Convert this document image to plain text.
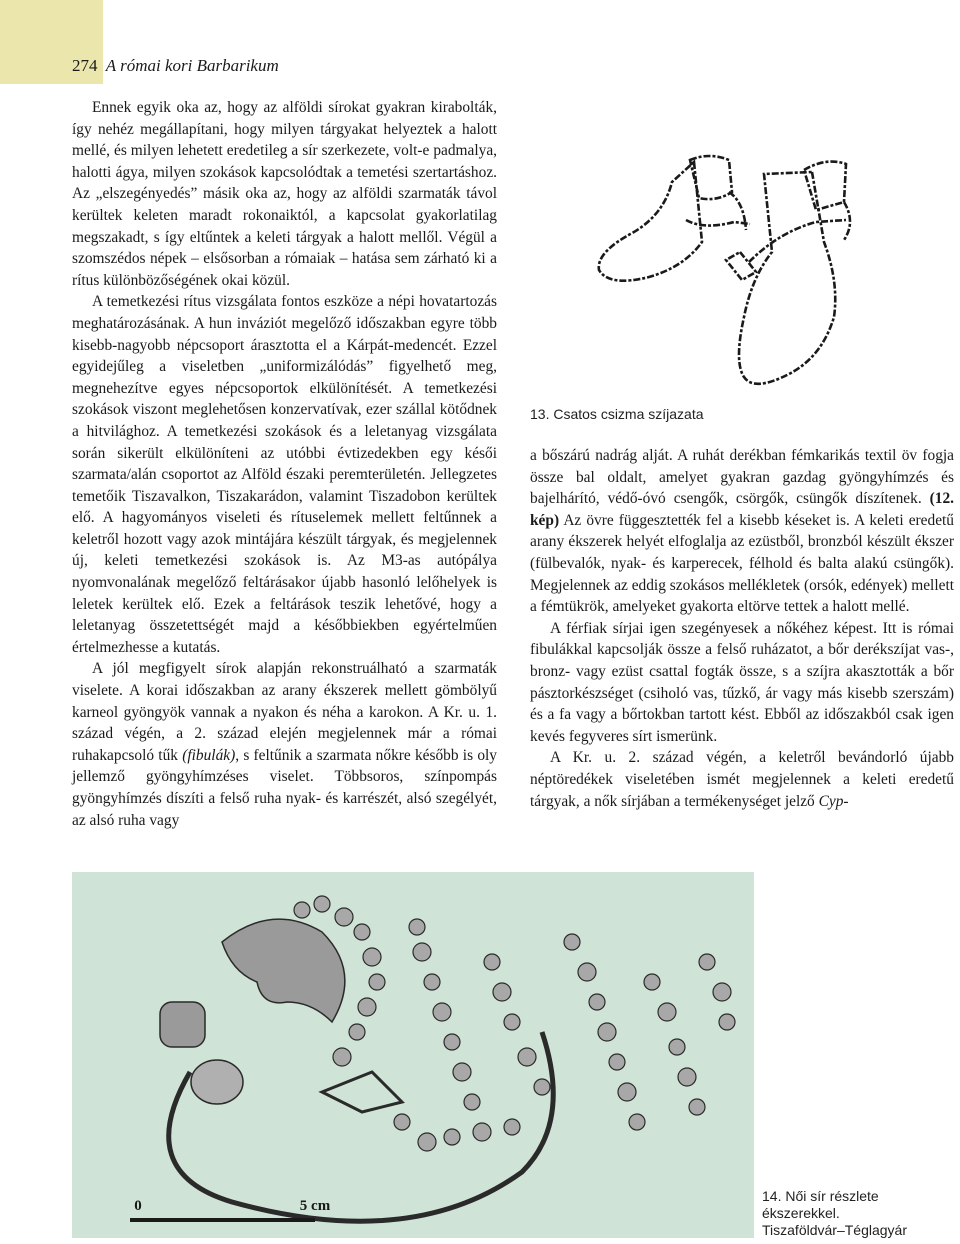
274 A római kori Barbarikum

Ennek egyik oka az, hogy az alföldi sírokat gyakran kirabolták, így nehéz megállapítani, hogy milyen tárgyakat helyeztek a halott mellé, és milyen lehetett eredetileg a sír szerkezete, volt-e padmalya, halotti ágya, milyen szokások kapcsolódtak a temetési szertartáshoz. Az „elszegényedés” másik oka az, hogy az alföldi szarmaták távol kerültek keleten maradt rokonaiktól, a kapcsolat gyakorlatilag megszakadt, s így eltűntek a keleti tárgyak a halott mellől. Végül a szomszédos népek – elsősorban a rómaiak – hatása sem zárható ki a rítus különbözőségének okai közül.

A temetkezési rítus vizsgálata fontos eszköze a népi hovatartozás meghatározásának. A hun inváziót megelőző időszakban egyre több kisebb-nagyobb népcsoport árasztotta el a Kárpát-medencét. Ezzel egyidejűleg a viseletben „uniformizálódás” figyelhető meg, megnehezítve egyes népcsoportok elkülönítését. A temetkezési szokások viszont meglehetősen konzervatívak, ezer szállal kötődnek a hitvilághoz. A temetkezési szokások és a leletanyag vizsgálata során sikerült elkülöníteni az utóbbi évtizedekben egy késői szarmata/alán csoportot az Alföld északi peremterületén. Jellegzetes temetőik Tiszavalkon, Tiszakarádon, valamint Tiszadobon kerültek elő. A hagyományos viseleti és rítuselemek mellett feltűnnek a keletről hozott vagy azok mintájára készült tárgyak, és megjelennek új, keleti temetkezési szokások is. Az M3-as autópálya nyomvonalának megelőző feltárásakor újabb hasonló lelőhelyek is leletek kerültek elő. Ezek a feltárások teszik lehetővé, hogy a leletanyag összetettségét majd a későbbiekben egyértelműen értelmezhesse a kutatás.

A jól megfigyelt sírok alapján rekonstruálható a szarmaták viselete. A korai időszakban az arany ékszerek mellett gömbölyű karneol gyöngyök vannak a nyakon és néha a karokon. A Kr. u. 1. század végén, a 2. század elején megjelennek már a római ruhakapcsoló tűk (fibulák), s feltűnik a szarmata nőkre később is oly jellemző gyöngyhímzéses viselet. Többsoros, színpompás gyöngyhímzés díszíti a felső ruha nyak- és karrészét, alsó szegélyét, az alsó ruha vagy

13. Csatos csizma szíjazata

a bőszárú nadrág alját. A ruhát derékban fémkarikás textil öv fogja össze bal oldalt, amelyet gyakran gazdag gyöngyhímzés és bajelhárító, védő-óvó csengők, csörgők, csüngők díszítenek. (12. kép) Az övre függesztették fel a kisebb késeket is. A keleti eredetű arany ékszerek helyét elfoglalja az ezüstből, bronzból készült ékszer (fülbevalók, nyak- és karperecek, félhold és balta alakú csüngők). Megjelennek az eddig szokásos mellékletek (orsók, edények) mellett a fémtükrök, amelyeket gyakorta eltörve tettek a halott mellé.

A férfiak sírjai igen szegényesek a nőkéhez képest. Itt is római fibulákkal kapcsolják össze a felső ruházatot, a bőr derékszíjat vas-, bronz- vagy ezüst csattal fogták össze, s a szíjra akasztották a bőr pásztorkészséget (csiholó vas, tűzkő, ár vagy más kisebb szerszám) és a fa vagy a bőrtokban tartott kést. Ebből az időszakból csak igen kevés fegyveres sírt ismerünk.

A Kr. u. 2. század végén, a keletről bevándorló újabb néptöredékek viseletében ismét megjelennek a keleti eredetű tárgyak, a nők sírjában a termékenységet jelző Cyp-

0	5 cm
14. Női sír részlete
ékszerekkel.
Tiszaföldvár–Téglagyár
